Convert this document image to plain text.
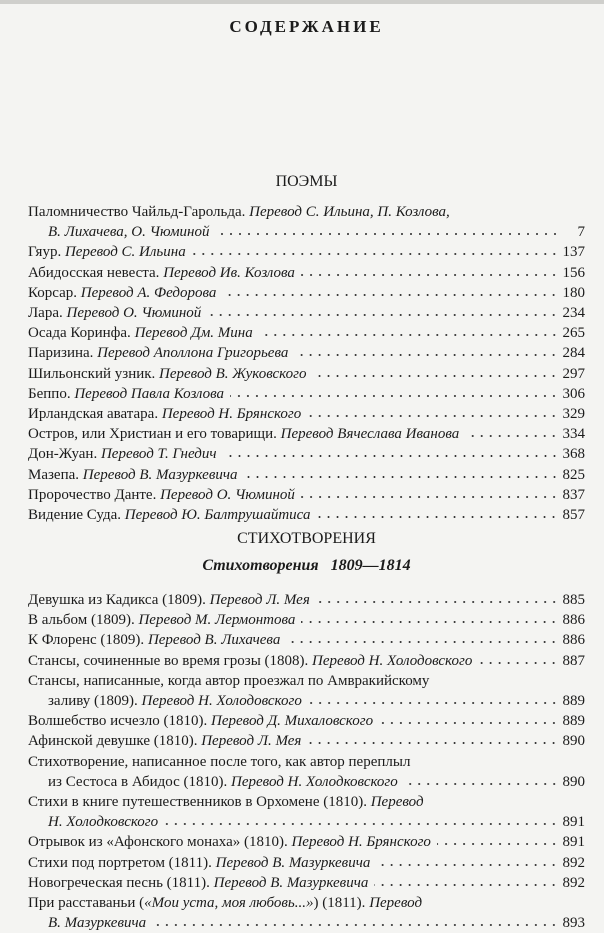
СОДЕРЖАНИЕ
ПОЭМЫ
Паломничество Чайльд-Гарольда. Перевод С. Ильина, П. Козлова,
В. Лихачева, О. Чюминой	7
Гяур. Перевод С. Ильина	137
Абидосская невеста. Перевод Ив. Козлова	156
Корсар. Перевод А. Федорова	180
Лара. Перевод О. Чюминой	234
Осада Коринфа. Перевод Дм. Мина	265
Паризина. Перевод Аполлона Григорьева	284
Шильонский узник. Перевод В. Жуковского	297
Беппо. Перевод Павла Козлова	306
Ирландская аватара. Перевод Н. Брянского	329
Остров, или Христиан и его товарищи. Перевод Вячеслава Иванова	334
Дон-Жуан. Перевод Т. Гнедич	368
Мазепа. Перевод В. Мазуркевича	825
Пророчество Данте. Перевод О. Чюминой	837
Видение Суда. Перевод Ю. Балтрушайтиса	857
СТИХОТВОРЕНИЯ
Стихотворения   1809—1814
Девушка из Кадикса (1809). Перевод Л. Мея	885
В альбом (1809). Перевод М. Лермонтова	886
К Флоренс (1809). Перевод В. Лихачева	886
Стансы, сочиненные во время грозы (1808). Перевод Н. Холодовского	887
Стансы, написанные, когда автор проезжал по Амвракийскому
заливу (1809). Перевод Н. Холодовского	889
Волшебство исчезло (1810). Перевод Д. Михаловского	889
Афинской девушке (1810). Перевод Л. Мея	890
Стихотворение, написанное после того, как автор переплыл
из Сестоса в Абидос (1810). Перевод Н. Холодковского	890
Стихи в книге путешественников в Орхомене (1810). Перевод
Н. Холодковского	891
Отрывок из «Афонского монаха» (1810). Перевод Н. Брянского	891
Стихи под портретом (1811). Перевод В. Мазуркевича	892
Новогреческая песнь (1811). Перевод В. Мазуркевича	892
При расставаньи ( «Мои уста, моя любовь...» ) (1811). Перевод
В. Мазуркевича	893
